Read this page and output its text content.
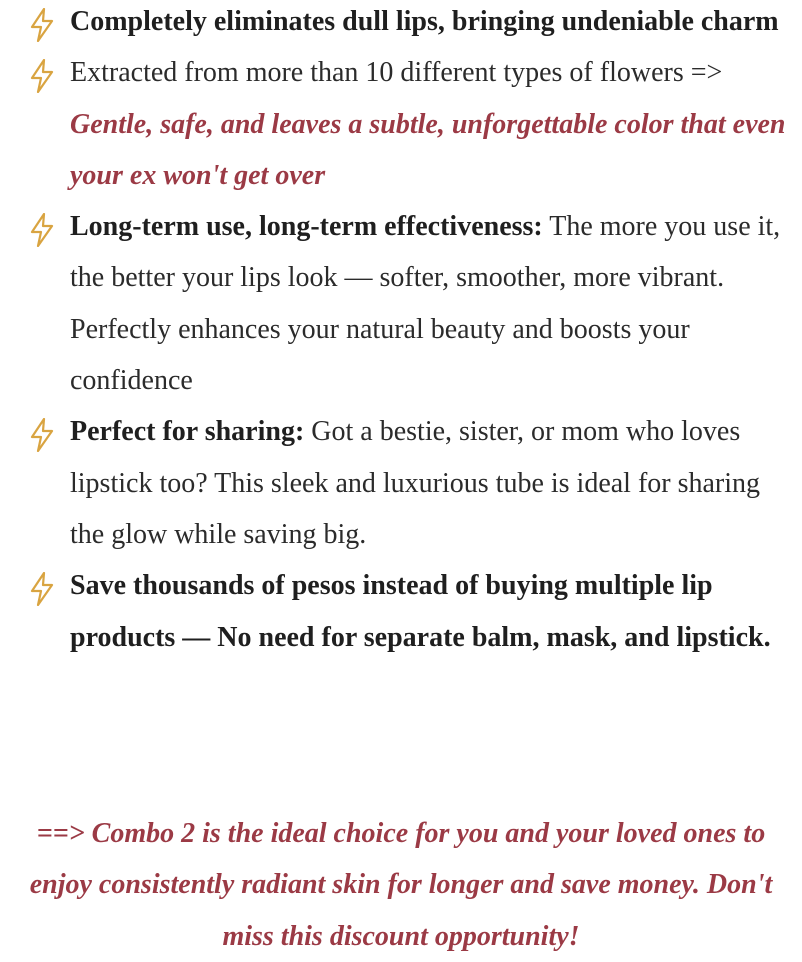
Completely eliminates dull lips, bringing undeniable charm
Extracted from more than 10 different types of flowers => Gentle, safe, and leaves a subtle, unforgettable color that even your ex won't get over
Long-term use, long-term effectiveness: The more you use it, the better your lips look — softer, smoother, more vibrant. Perfectly enhances your natural beauty and boosts your confidence
Perfect for sharing: Got a bestie, sister, or mom who loves lipstick too? This sleek and luxurious tube is ideal for sharing the glow while saving big.
Save thousands of pesos instead of buying multiple lip products — No need for separate balm, mask, and lipstick.

==> Combo 2 is the ideal choice for you and your loved ones to enjoy consistently radiant skin for longer and save money. Don't miss this discount opportunity!
